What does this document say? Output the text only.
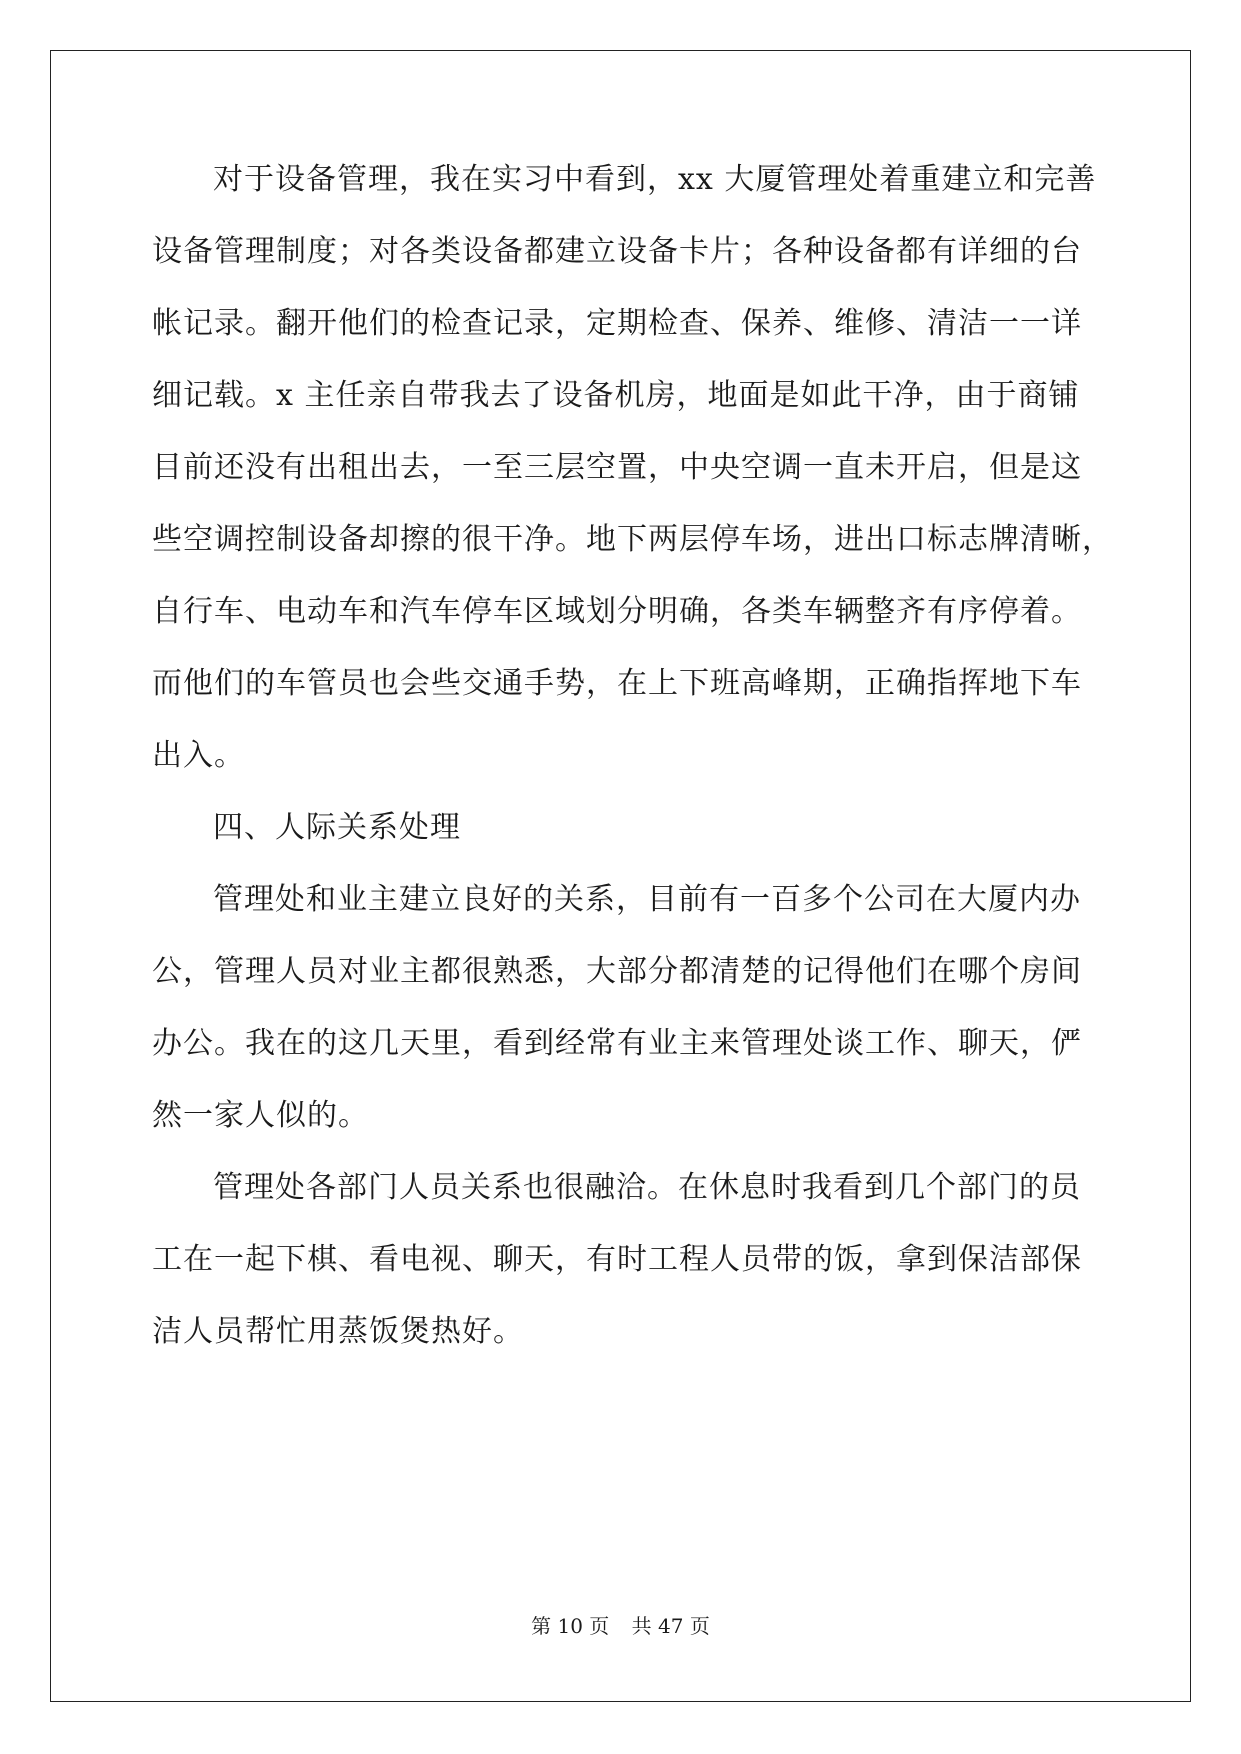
对于设备管理，我在实习中看到，xx 大厦管理处着重建立和完善
设备管理制度；对各类设备都建立设备卡片；各种设备都有详细的台
帐记录。翻开他们的检查记录，定期检查、保养、维修、清洁一一详
细记载。x 主任亲自带我去了设备机房，地面是如此干净，由于商铺
目前还没有出租出去，一至三层空置，中央空调一直未开启，但是这
些空调控制设备却擦的很干净。地下两层停车场，进出口标志牌清晰，
自行车、电动车和汽车停车区域划分明确，各类车辆整齐有序停着。
而他们的车管员也会些交通手势，在上下班高峰期，正确指挥地下车
出入。
四、人际关系处理
管理处和业主建立良好的关系，目前有一百多个公司在大厦内办
公，管理人员对业主都很熟悉，大部分都清楚的记得他们在哪个房间
办公。我在的这几天里，看到经常有业主来管理处谈工作、聊天，俨
然一家人似的。
管理处各部门人员关系也很融洽。在休息时我看到几个部门的员
工在一起下棋、看电视、聊天，有时工程人员带的饭，拿到保洁部保
洁人员帮忙用蒸饭煲热好。
第 10 页 共 47 页
